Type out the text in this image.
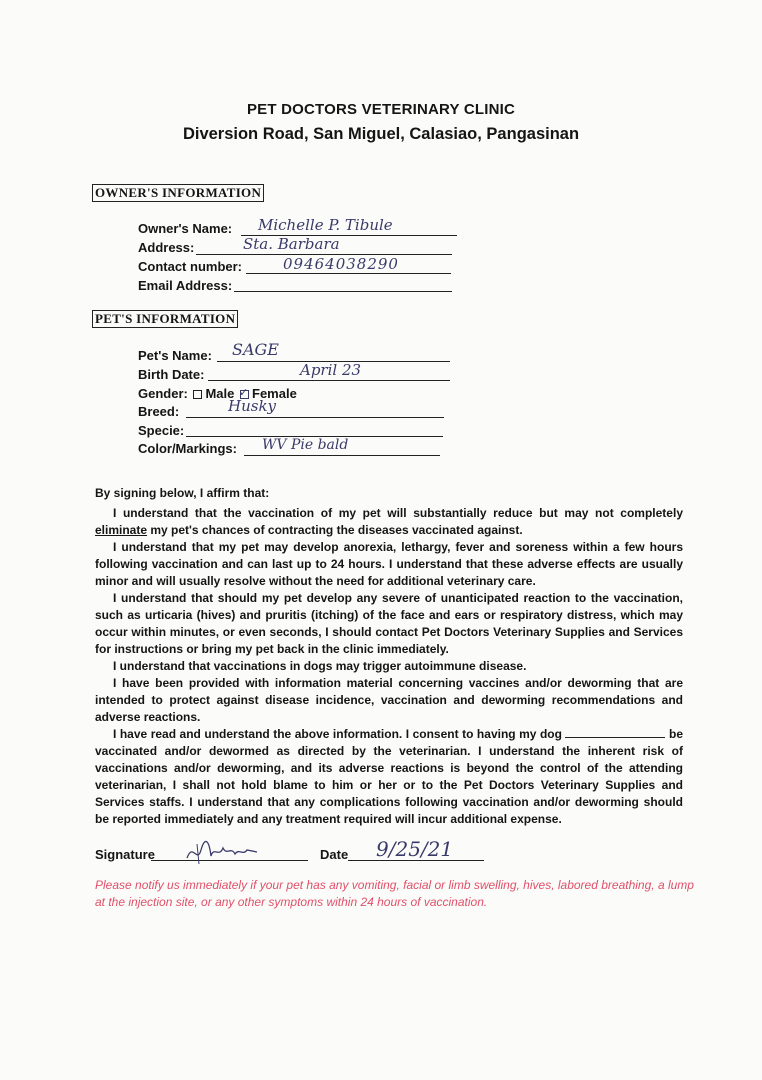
PET DOCTORS VETERINARY CLINIC
Diversion Road, San Miguel, Calasiao, Pangasinan
OWNER'S INFORMATION
Owner's Name: Michelle P. Tibule
Address:	Sta. Barbara
Contact number:	09464038290
Email Address:
PET'S INFORMATION
Pet's Name: SAGE
Birth Date:	April 23
Gender: Male ✓ Female
Breed:	Husky
Specie:
Color/Markings: WV Pie bald
By signing below, I affirm that:

I understand that the vaccination of my pet will substantially reduce but may not completely eliminate my pet's chances of contracting the diseases vaccinated against.

I understand that my pet may develop anorexia, lethargy, fever and soreness within a few hours following vaccination and can last up to 24 hours. I understand that these adverse effects are usually minor and will usually resolve without the need for additional veterinary care.

I understand that should my pet develop any severe of unanticipated reaction to the vaccination, such as urticaria (hives) and pruritis (itching) of the face and ears or respiratory distress, which may occur within minutes, or even seconds, I should contact Pet Doctors Veterinary Supplies and Services for instructions or bring my pet back in the clinic immediately.

I understand that vaccinations in dogs may trigger autoimmune disease.

I have been provided with information material concerning vaccines and/or deworming that are intended to protect against disease incidence, vaccination and deworming recommendations and adverse reactions.

I have read and understand the above information. I consent to having my dog	be vaccinated and/or dewormed as directed by the veterinarian. I understand the inherent risk of vaccinations and/or deworming, and its adverse reactions is beyond the control of the attending veterinarian, I shall not hold blame to him or her or to the Pet Doctors Veterinary Supplies and Services staffs. I understand that any complications following vaccination and/or deworming should be reported immediately and any treatment required will incur additional expense.

Signature	Date 9/25/21
Please notify us immediately if your pet has any vomiting, facial or limb swelling, hives, labored breathing, a lump at the injection site, or any other symptoms within 24 hours of vaccination.
